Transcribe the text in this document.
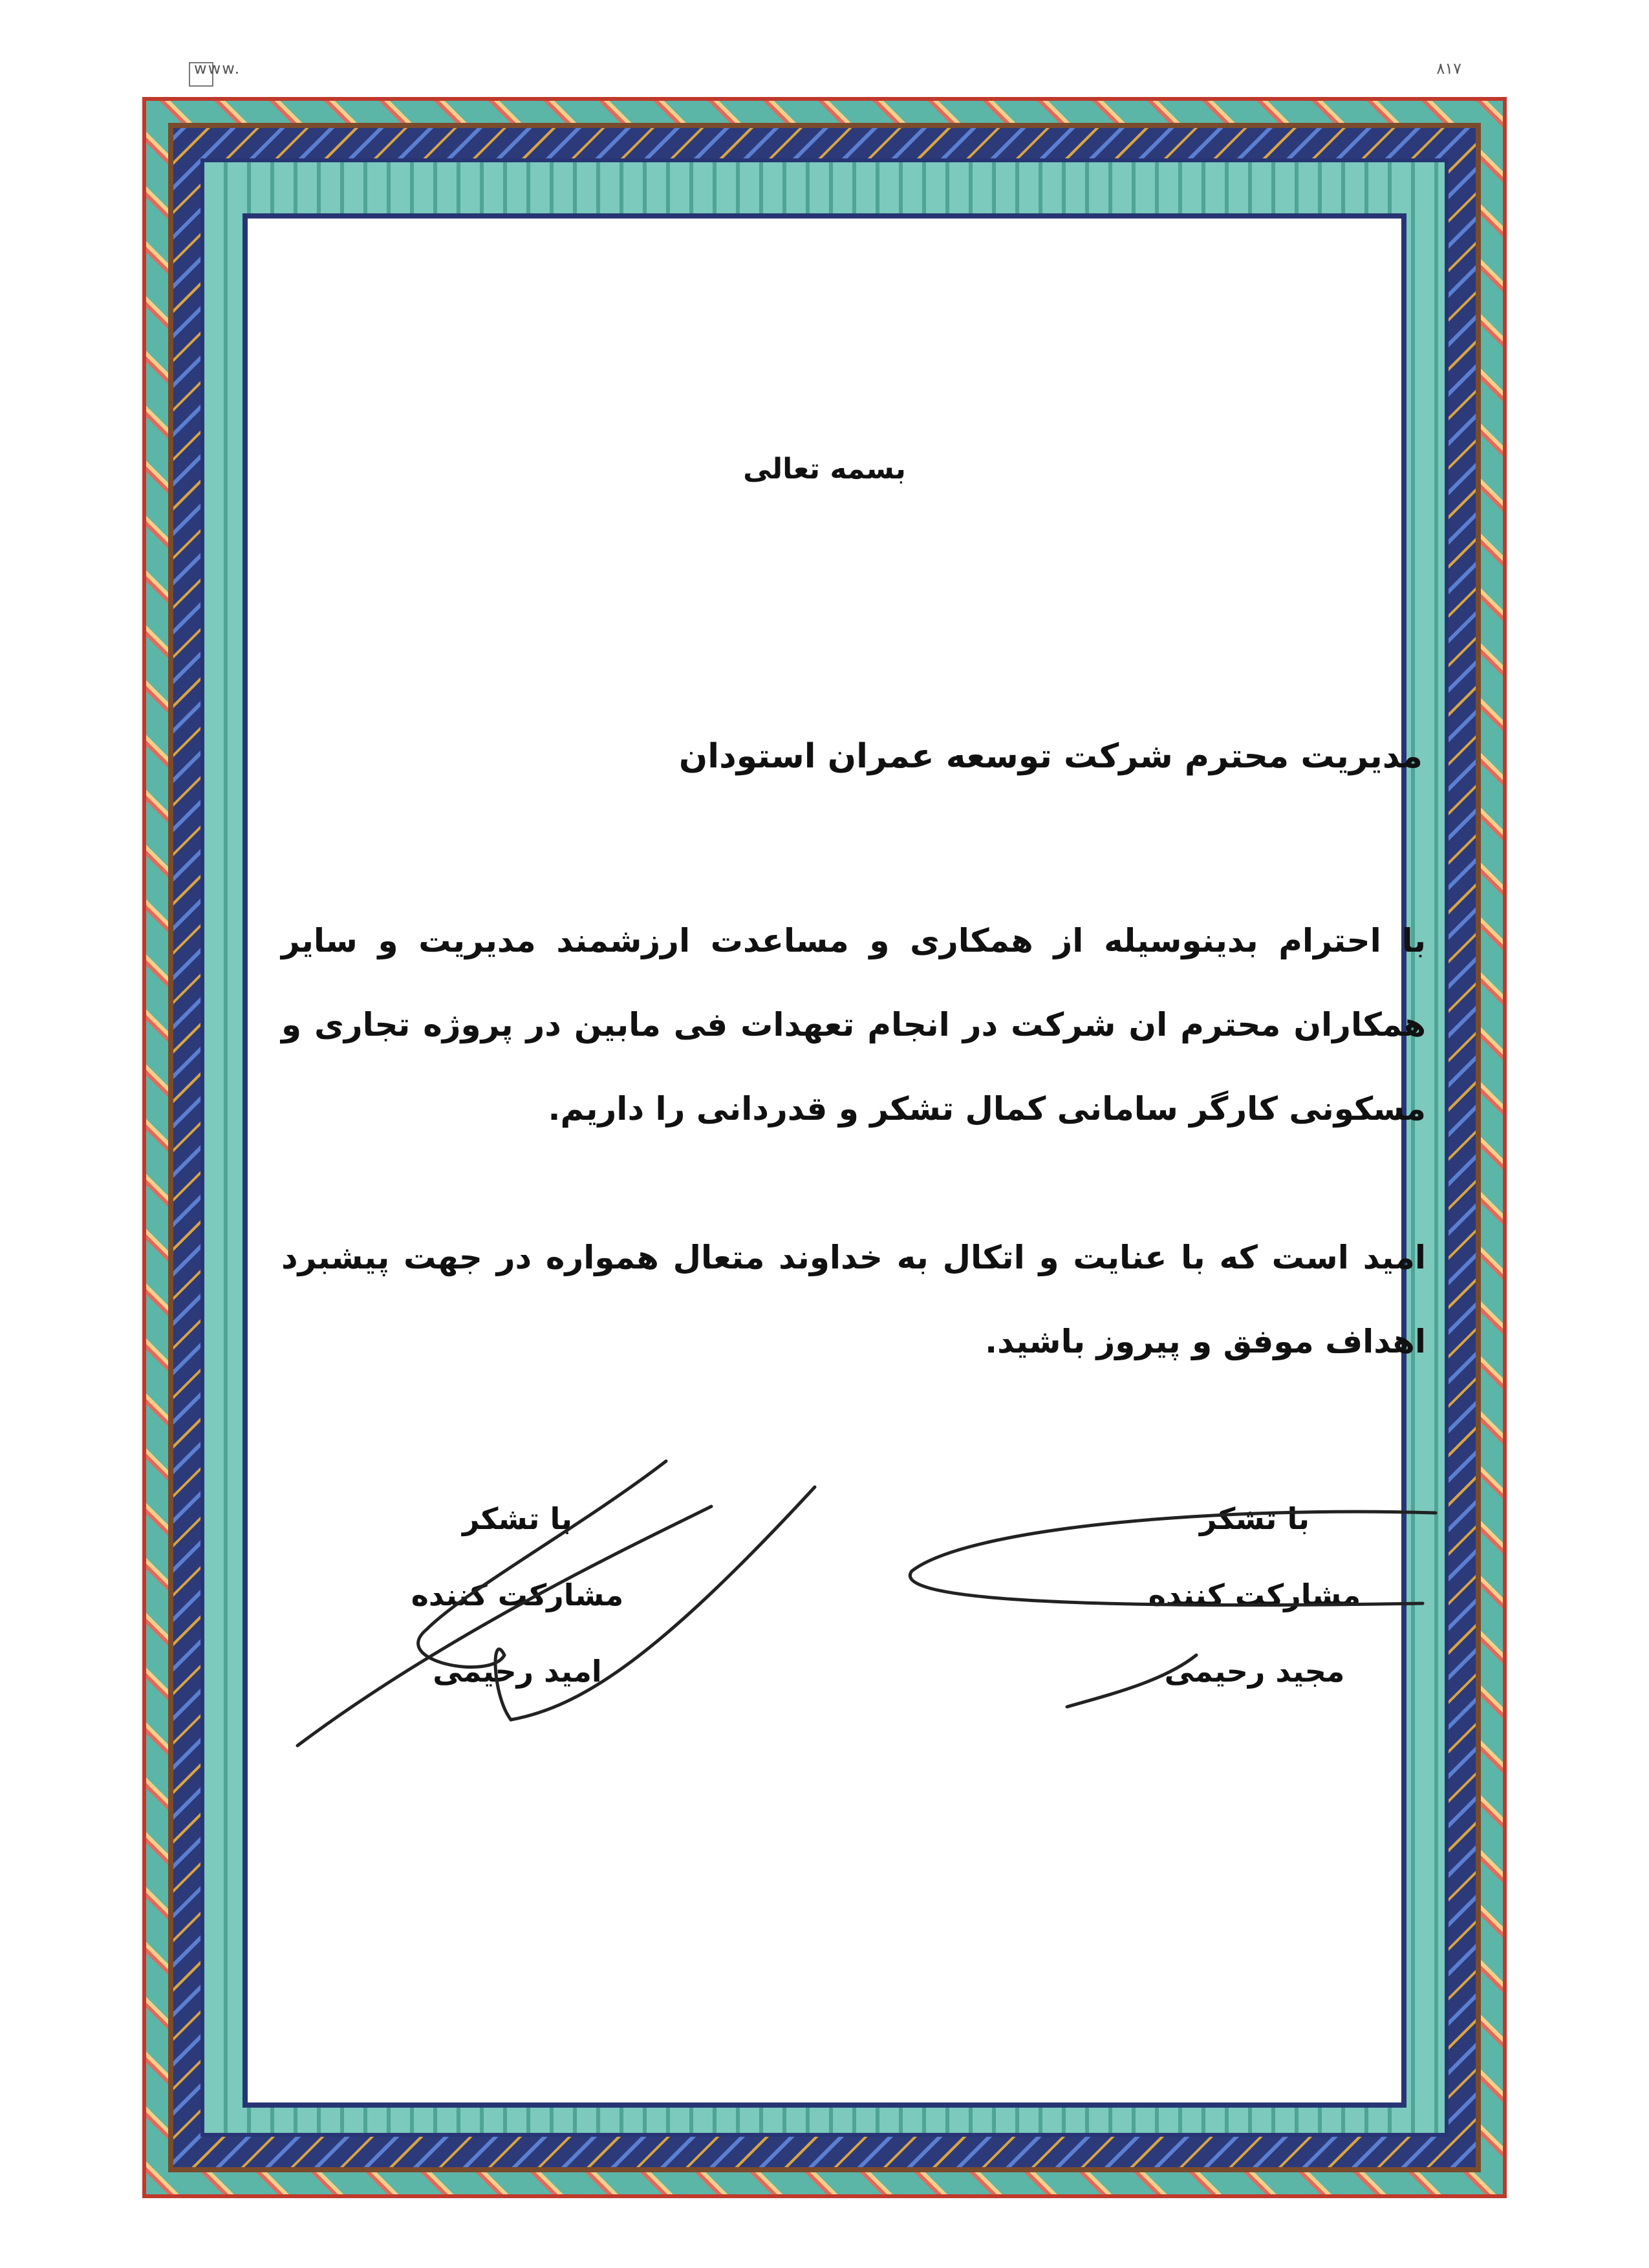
www.	۸۱۷
بسمه تعالی
مدیریت محترم شرکت توسعه عمران استودان
با احترام بدینوسیله از همکاری و مساعدت ارزشمند مدیریت و سایر همکاران محترم ان شرکت در انجام تعهدات فی مابین در پروژه تجاری و مسکونی کارگر سامانی کمال تشکر و قدردانی را داریم.
امید است که با عنایت و اتکال به خداوند متعال همواره در جهت پیشبرد اهداف موفق و پیروز باشید.
با تشکر
مشارکت کننده
مجید رحیمی
با تشکر
مشارکت کننده
امید رحیمی
